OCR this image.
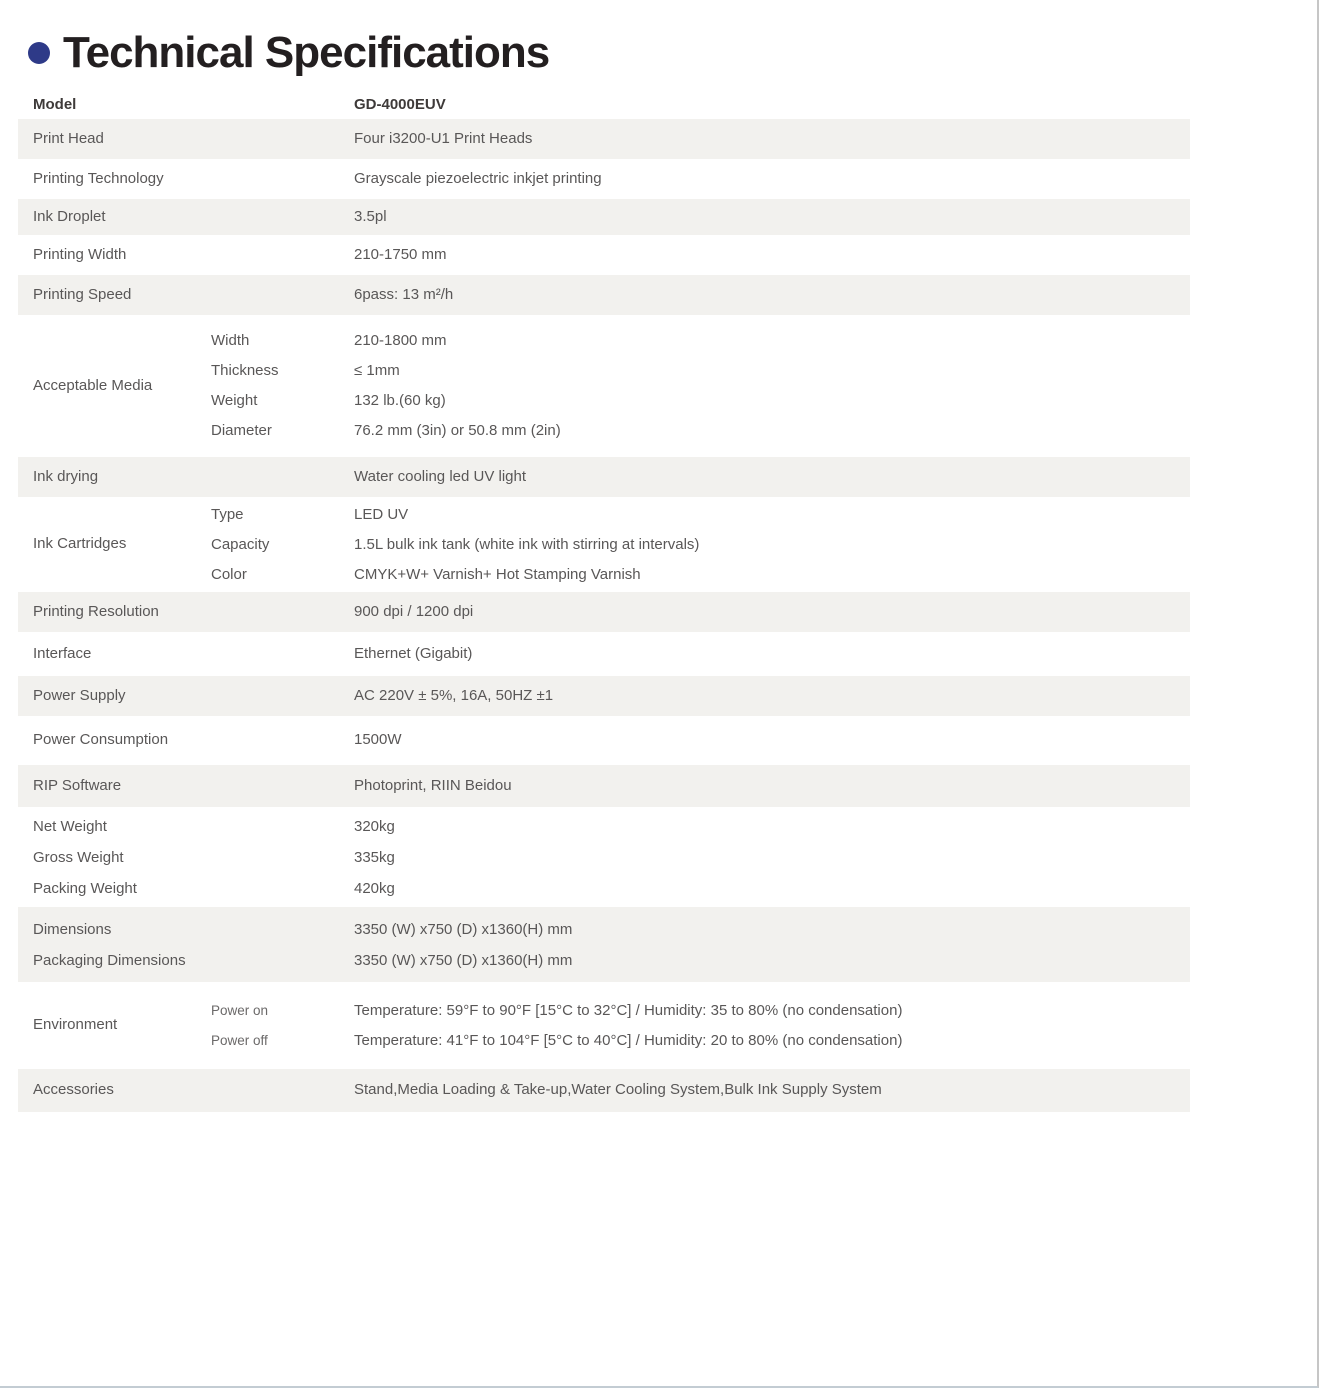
Technical Specifications
Model	GD-4000EUV
Print Head	Four i3200-U1 Print Heads
Printing Technology	Grayscale piezoelectric inkjet printing
Ink Droplet	3.5pl
Printing Width	210-1750 mm
Printing Speed	6pass: 13 m²/h
Acceptable Media
Width	210-1800 mm
Thickness	≤ 1mm
Weight	132 lb.(60 kg)
Diameter	76.2 mm (3in) or 50.8 mm (2in)
Ink drying	Water cooling led UV light
Ink Cartridges
Type	LED UV
Capacity	1.5L bulk ink tank (white ink with stirring at intervals)
Color	CMYK+W+ Varnish+ Hot Stamping Varnish
Printing Resolution	900 dpi / 1200 dpi
Interface	Ethernet (Gigabit)
Power Supply	AC 220V ± 5%, 16A, 50HZ ±1
Power Consumption	1500W
RIP Software	Photoprint, RIIN Beidou
Net Weight	320kg
Gross Weight	335kg
Packing Weight	420kg
Dimensions	3350 (W) x750 (D) x1360(H) mm
Packaging Dimensions	3350 (W) x750 (D) x1360(H) mm
Environment
Power on	Temperature: 59°F to 90°F [15°C to 32°C] / Humidity: 35 to 80% (no condensation)
Power off	Temperature: 41°F to 104°F [5°C to 40°C] / Humidity: 20 to 80% (no condensation)
Accessories	Stand,Media Loading & Take-up,Water Cooling System,Bulk Ink Supply System
